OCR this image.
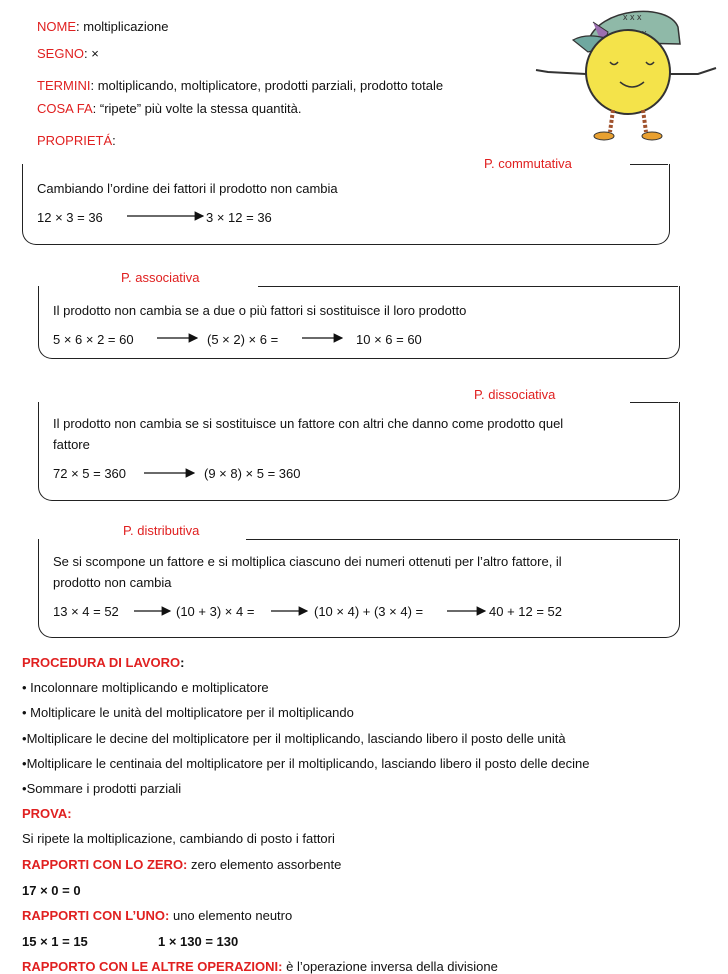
NOME: moltiplicazione
SEGNO: ×
TERMINI: moltiplicando, moltiplicatore, prodotti parziali, prodotto totale
COSA FA: “ripete” più volte la stessa quantità.
PROPRIETÁ:
x x x
P. commutativa
Cambiando l’ordine dei fattori il prodotto non cambia
12 × 3 = 36	3 × 12 = 36
P. associativa
Il prodotto non cambia se a due o più fattori si sostituisce il loro prodotto
5 × 6 × 2 = 60	(5 × 2) × 6 =	10 × 6 = 60
P. dissociativa
Il prodotto non cambia se si sostituisce un fattore con altri che danno come prodotto quel
fattore
72 × 5 = 360	(9 × 8) × 5 = 360
P. distributiva
Se si scompone un fattore e si moltiplica ciascuno dei numeri ottenuti per l’altro fattore, il
prodotto non cambia
13 × 4 = 52	(10 + 3) × 4 =	(10 × 4) + (3 × 4) =	40 + 12 = 52
PROCEDURA DI LAVORO:
• Incolonnare moltiplicando e moltiplicatore
• Moltiplicare le unità del moltiplicatore per il moltiplicando
•Moltiplicare le decine del moltiplicatore per il moltiplicando, lasciando libero il posto delle unità
•Moltiplicare le centinaia del moltiplicatore per il moltiplicando, lasciando libero il posto delle decine
•Sommare i prodotti parziali
PROVA:
Si ripete la moltiplicazione, cambiando di posto i fattori
RAPPORTI CON LO ZERO: zero elemento assorbente
17 × 0 = 0
RAPPORTI CON L’UNO: uno elemento neutro
15 × 1 = 15	1 × 130 = 130
RAPPORTO CON LE ALTRE OPERAZIONI: è l’operazione inversa della divisione
